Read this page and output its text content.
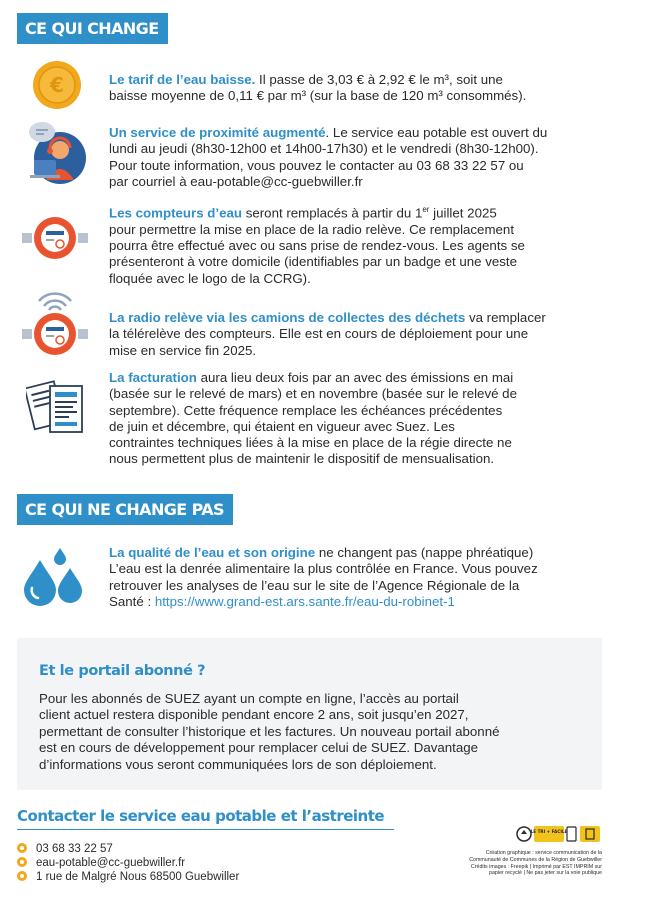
CE QUI CHANGE
€	Le tarif de l’eau baisse. Il passe de 3,03 € à 2,92 € le m³, soit une
baisse moyenne de 0,11 € par m³ (sur la base de 120 m³ consommés).

Un service de proximité augmenté. Le service eau potable est ouvert du
lundi au jeudi (8h30-12h00 et 14h00-17h30) et le vendredi (8h30-12h00).
Pour toute information, vous pouvez le contacter au 03 68 33 22 57 ou
par courriel à eau-potable@cc-guebwiller.fr

Les compteurs d’eau seront remplacés à partir du 1er juillet 2025
pour permettre la mise en place de la radio relève. Ce remplacement
pourra être effectué avec ou sans prise de rendez-vous. Les agents se
présenteront à votre domicile (identifiables par un badge et une veste
floquée avec le logo de la CCRG).

La radio relève via les camions de collectes des déchets va remplacer
la télérelève des compteurs. Elle est en cours de déploiement pour une
mise en service fin 2025.

La facturation aura lieu deux fois par an avec des émissions en mai
(basée sur le relevé de mars) et en novembre (basée sur le relevé de
septembre). Cette fréquence remplace les échéances précédentes
de juin et décembre, qui étaient en vigueur avec Suez. Les
contraintes techniques liées à la mise en place de la régie directe ne
nous permettent plus de maintenir le dispositif de mensualisation.

CE QUI NE CHANGE PAS

La qualité de l’eau et son origine ne changent pas (nappe phréatique)
L’eau est la denrée alimentaire la plus contrôlée en France. Vous pouvez
retrouver les analyses de l’eau sur le site de l’Agence Régionale de la
Santé : https://www.grand-est.ars.sante.fr/eau-du-robinet-1

Et le portail abonné ?
Pour les abonnés de SUEZ ayant un compte en ligne, l’accès au portail
client actuel restera disponible pendant encore 2 ans, soit jusqu’en 2027,
permettant de consulter l’historique et les factures. Un nouveau portail abonné
est en cours de développement pour remplacer celui de SUEZ. Davantage
d’informations vous seront communiquées lors de son déploiement.
Contacter le service eau potable et l’astreinte
03 68 33 22 57
eau-potable@cc-guebwiller.fr
1 rue de Malgré Nous 68500 Guebwiller
LE TRI + FACILE
Création graphique : service communication de la
Communauté de Communes de la Région de Guebwiller
Crédits images : Freepik | Imprimé par EST IMPRIM sur
papier recyclé | Ne pas jeter sur la voie publique
